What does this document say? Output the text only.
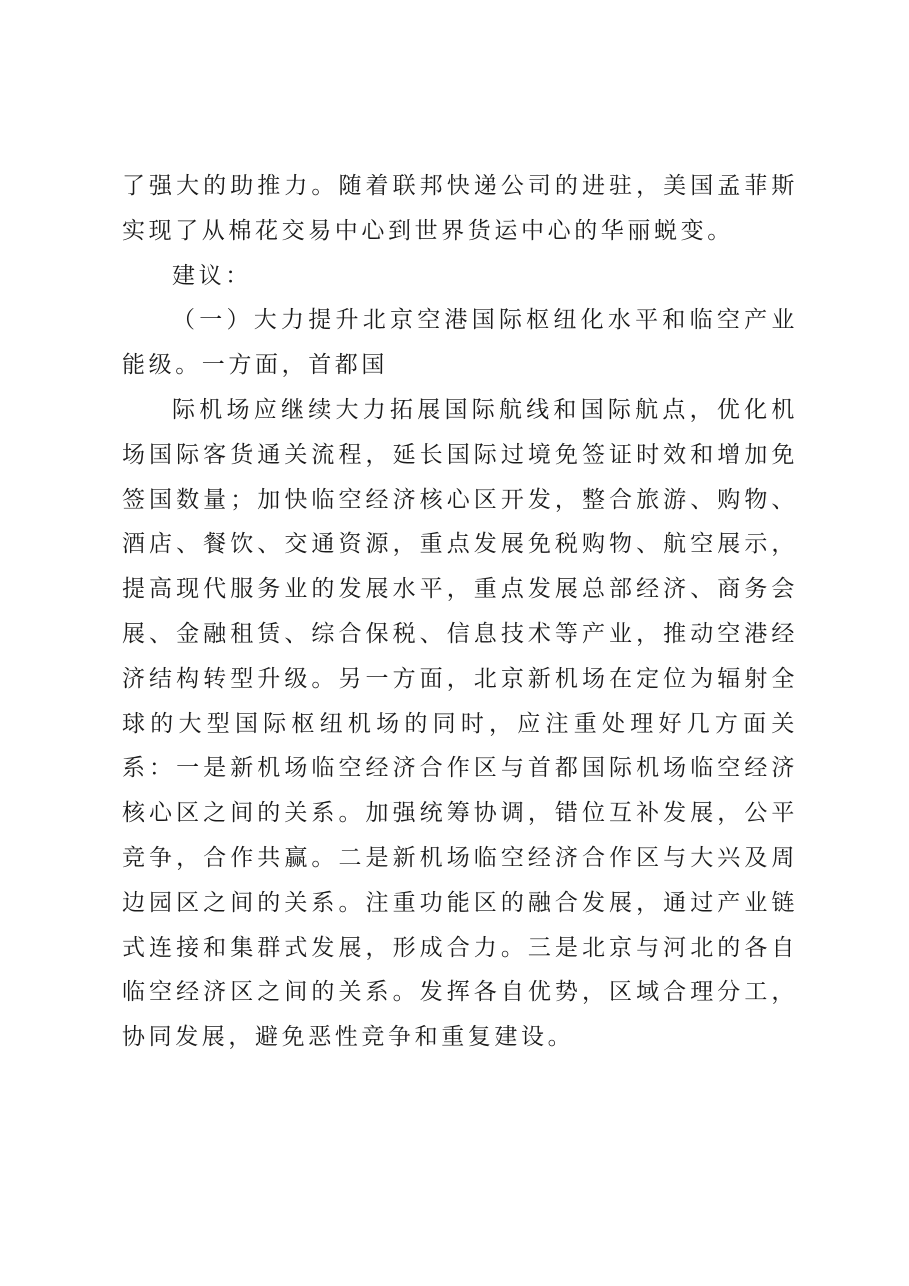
了强大的助推力。随着联邦快递公司的进驻，美国孟菲斯实现了从棉花交易中心到世界货运中心的华丽蜕变。

建议：

（一）大力提升北京空港国际枢纽化水平和临空产业能级。一方面，首都国

际机场应继续大力拓展国际航线和国际航点，优化机场国际客货通关流程，延长国际过境免签证时效和增加免签国数量；加快临空经济核心区开发，整合旅游、购物、酒店、餐饮、交通资源，重点发展免税购物、航空展示，提高现代服务业的发展水平，重点发展总部经济、商务会展、金融租赁、综合保税、信息技术等产业，推动空港经济结构转型升级。另一方面，北京新机场在定位为辐射全球的大型国际枢纽机场的同时，应注重处理好几方面关系：一是新机场临空经济合作区与首都国际机场临空经济核心区之间的关系。加强统筹协调，错位互补发展，公平竞争，合作共赢。二是新机场临空经济合作区与大兴及周边园区之间的关系。注重功能区的融合发展，通过产业链式连接和集群式发展，形成合力。三是北京与河北的各自临空经济区之间的关系。发挥各自优势，区域合理分工，协同发展，避免恶性竞争和重复建设。
